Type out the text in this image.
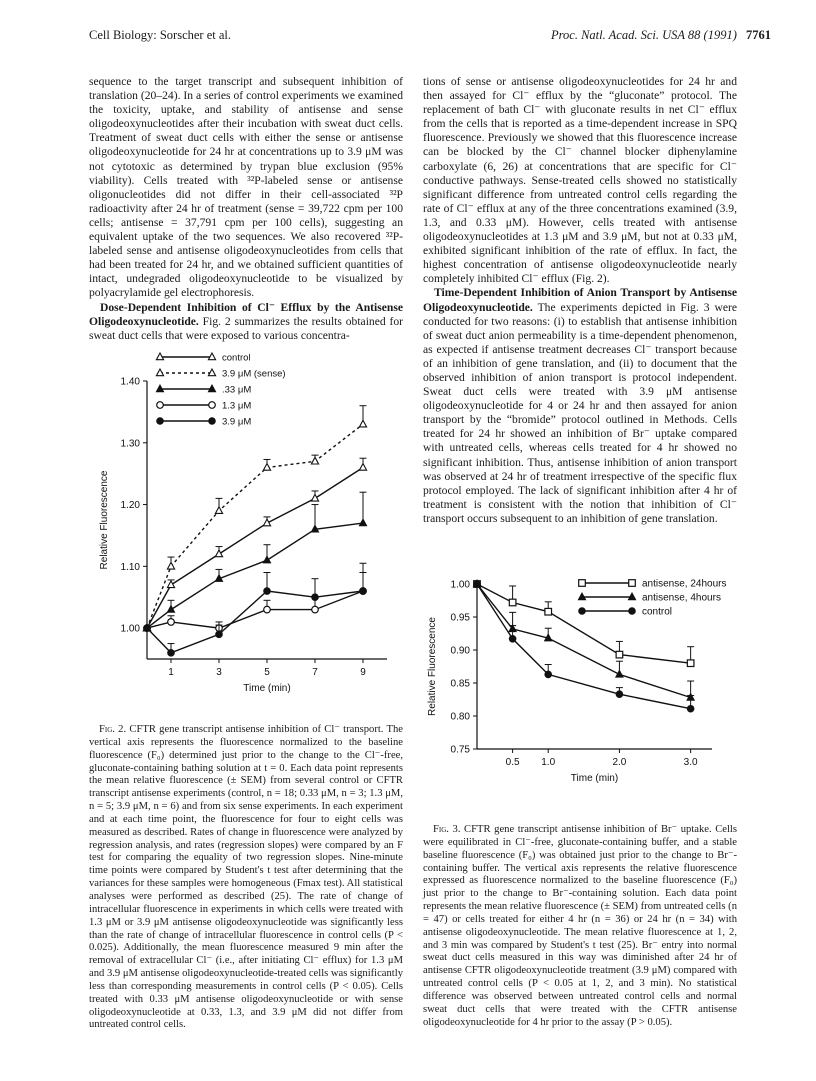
Cell Biology: Sorscher et al.	Proc. Natl. Acad. Sci. USA 88 (1991) 7761

sequence to the target transcript and subsequent inhibition of translation (20–24). In a series of control experiments we examined the toxicity, uptake, and stability of antisense and sense oligodeoxynucleotides after their incubation with sweat duct cells. Treatment of sweat duct cells with either the sense or antisense oligodeoxynucleotide for 24 hr at concentrations up to 3.9 μM was not cytotoxic as determined by trypan blue exclusion (95% viability). Cells treated with ³²P-labeled sense or antisense oligonucleotides did not differ in their cell-associated ³²P radioactivity after 24 hr of treatment (sense = 39,722 cpm per 100 cells; antisense = 37,791 cpm per 100 cells), suggesting an equivalent uptake of the two sequences. We also recovered ³²P-labeled sense and antisense oligodeoxynucleotides from cells that had been treated for 24 hr, and we obtained sufficient quantities of intact, undegraded oligodeoxynucleotide to be visualized by polyacrylamide gel electrophoresis.

Dose-Dependent Inhibition of Cl⁻ Efflux by the Antisense Oligodeoxynucleotide. Fig. 2 summarizes the results obtained for sweat duct cells that were exposed to various concentra-

1.00
1.10
1.20
1.30
1.40
1	3	5	7	9
Time (min)
Relative Fluorescence
control
3.9 μM (sense)
.33 μM
1.3 μM
3.9 μM

Fig. 2. CFTR gene transcript antisense inhibition of Cl⁻ transport. The vertical axis represents the fluorescence normalized to the baseline fluorescence (F₀) determined just prior to the change to the Cl⁻-free, gluconate-containing bathing solution at t = 0. Each data point represents the mean relative fluorescence (± SEM) from several control or CFTR transcript antisense experiments (control, n = 18; 0.33 μM, n = 3; 1.3 μM, n = 5; 3.9 μM, n = 6) and from six sense experiments. In each experiment and at each time point, the fluorescence for four to eight cells was measured as described. Rates of change in fluorescence were analyzed by regression analysis, and rates (regression slopes) were compared by an F test for comparing the equality of two regression slopes. Nine-minute time points were compared by Student's t test after determining that the variances for these samples were homogeneous (Fmax test). All statistical analyses were performed as described (25). The rate of change of intracellular fluorescence in experiments in which cells were treated with 1.3 μM or 3.9 μM antisense oligodeoxynucleotide was significantly less than the rate of change of intracellular fluorescence in control cells (P < 0.025). Additionally, the mean fluorescence measured 9 min after the removal of extracellular Cl⁻ (i.e., after initiating Cl⁻ efflux) for 1.3 μM and 3.9 μM antisense oligodeoxynucleotide-treated cells was significantly less than corresponding measurements in control cells (P < 0.05). Cells treated with 0.33 μM antisense oligodeoxynucleotide or with sense oligodeoxynucleotide at 0.33, 1.3, and 3.9 μM did not differ from untreated control cells.

tions of sense or antisense oligodeoxynucleotides for 24 hr and then assayed for Cl⁻ efflux by the “gluconate” protocol. The replacement of bath Cl⁻ with gluconate results in net Cl⁻ efflux from the cells that is reported as a time-dependent increase in SPQ fluorescence. Previously we showed that this fluorescence increase can be blocked by the Cl⁻ channel blocker diphenylamine carboxylate (6, 26) at concentrations that are specific for Cl⁻ conductive pathways. Sense-treated cells showed no statistically significant difference from untreated control cells regarding the rate of Cl⁻ efflux at any of the three concentrations examined (3.9, 1.3, and 0.33 μM). However, cells treated with antisense oligodeoxynucleotides at 1.3 μM and 3.9 μM, but not at 0.33 μM, exhibited significant inhibition of the rate of efflux. In fact, the highest concentration of antisense oligodeoxynucleotide nearly completely inhibited Cl⁻ efflux (Fig. 2).

Time-Dependent Inhibition of Anion Transport by Antisense Oligodeoxynucleotide. The experiments depicted in Fig. 3 were conducted for two reasons: (i) to establish that antisense inhibition of sweat duct anion permeability is a time-dependent phenomenon, as expected if antisense treatment decreases Cl⁻ transport because of an inhibition of gene translation, and (ii) to document that the observed inhibition of anion transport is protocol independent. Sweat duct cells were treated with 3.9 μM antisense oligodeoxynucleotide for 4 or 24 hr and then assayed for anion transport by the “bromide” protocol outlined in Methods. Cells treated for 24 hr showed an inhibition of Br⁻ uptake compared with untreated cells, whereas cells treated for 4 hr showed no significant inhibition. Thus, antisense inhibition of anion transport was observed at 24 hr of treatment irrespective of the specific flux protocol employed. The lack of significant inhibition after 4 hr of treatment is consistent with the notion that inhibition of Cl⁻ transport occurs subsequent to an inhibition of gene translation.

0.75
0.80
0.85
0.90
0.95
1.00
0.5 1.0	2.0	3.0
Time (min)
Relative Fluorescence
antisense, 24hours
antisense, 4hours
control

Fig. 3. CFTR gene transcript antisense inhibition of Br⁻ uptake. Cells were equilibrated in Cl⁻-free, gluconate-containing buffer, and a stable baseline fluorescence (F₀) was obtained just prior to the change to Br⁻-containing buffer. The vertical axis represents the relative fluorescence expressed as fluorescence normalized to the baseline fluorescence (F₀) just prior to the change to Br⁻-containing solution. Each data point represents the mean relative fluorescence (± SEM) from untreated cells (n = 47) or cells treated for either 4 hr (n = 36) or 24 hr (n = 34) with antisense oligodeoxynucleotide. The mean relative fluorescence at 1, 2, and 3 min was compared by Student's t test (25). Br⁻ entry into normal sweat duct cells measured in this way was diminished after 24 hr of antisense CFTR oligodeoxynucleotide treatment (3.9 μM) compared with untreated control cells (P < 0.05 at 1, 2, and 3 min). No statistical difference was observed between untreated control cells and normal sweat duct cells that were treated with the CFTR antisense oligodeoxynucleotide for 4 hr prior to the assay (P > 0.05).
